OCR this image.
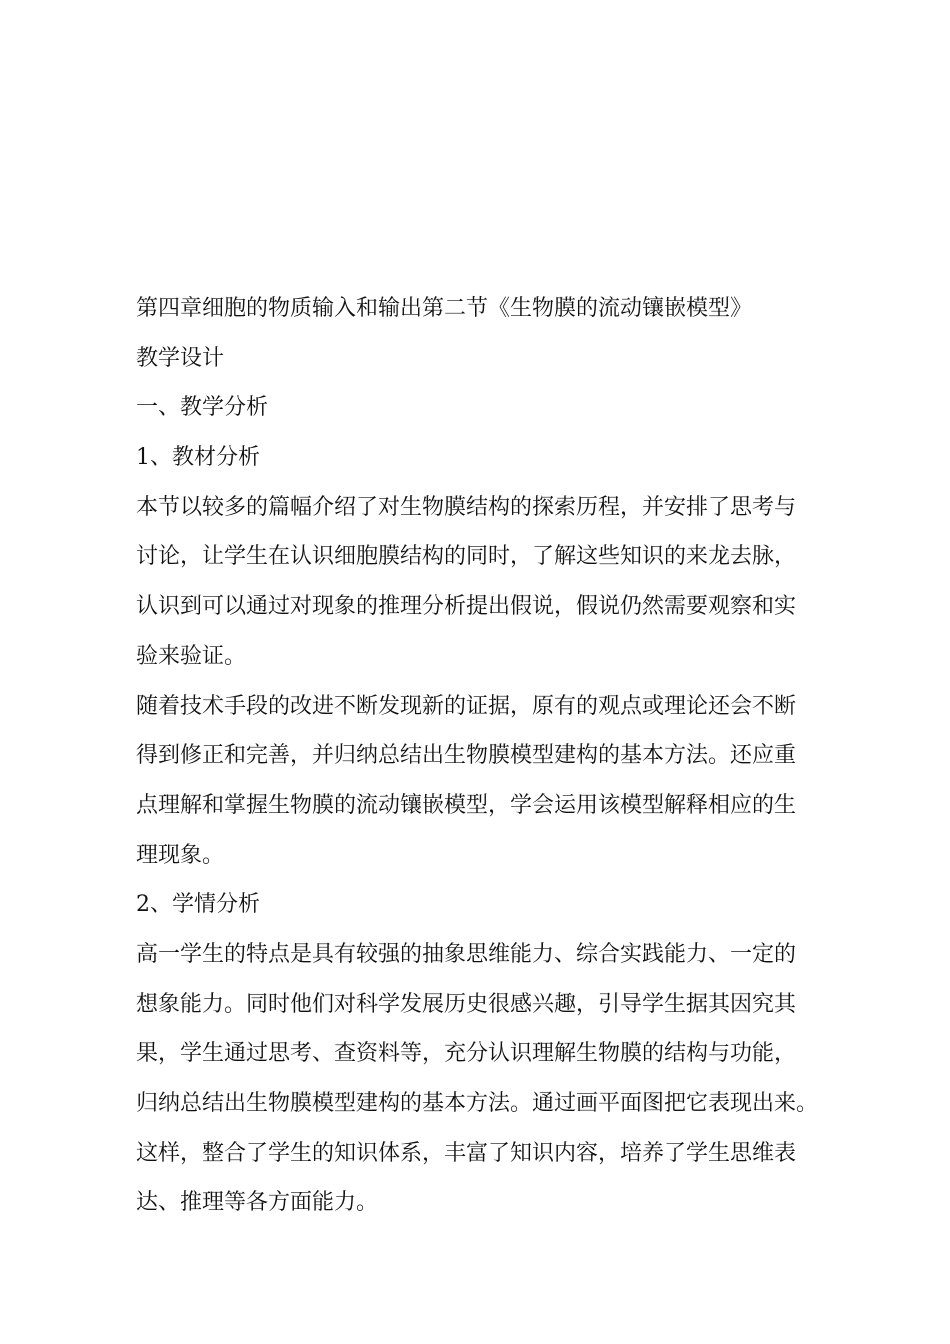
第四章细胞的物质输入和输出第二节《生物膜的流动镶嵌模型》
教学设计
一、教学分析
1、教材分析
本节以较多的篇幅介绍了对生物膜结构的探索历程，并安排了思考与
讨论，让学生在认识细胞膜结构的同时，了解这些知识的来龙去脉，
认识到可以通过对现象的推理分析提出假说，假说仍然需要观察和实
验来验证。
随着技术手段的改进不断发现新的证据，原有的观点或理论还会不断
得到修正和完善，并归纳总结出生物膜模型建构的基本方法。还应重
点理解和掌握生物膜的流动镶嵌模型，学会运用该模型解释相应的生
理现象。
2、学情分析
高一学生的特点是具有较强的抽象思维能力、综合实践能力、一定的
想象能力。同时他们对科学发展历史很感兴趣，引导学生据其因究其
果，学生通过思考、查资料等，充分认识理解生物膜的结构与功能，
归纳总结出生物膜模型建构的基本方法。通过画平面图把它表现出来。
这样，整合了学生的知识体系，丰富了知识内容，培养了学生思维表
达、推理等各方面能力。
